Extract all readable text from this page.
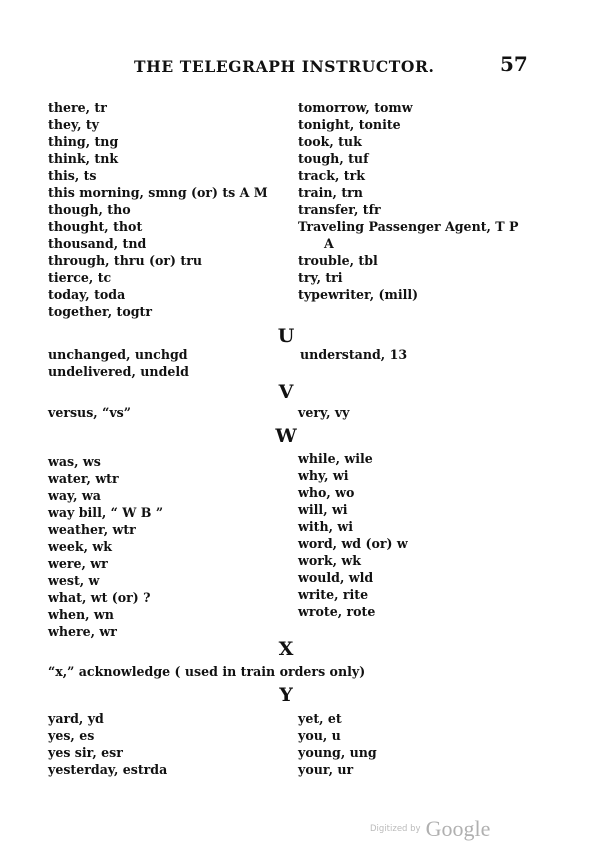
THE TELEGRAPH INSTRUCTOR.	57
there, tr
they, ty
thing, tng
think, tnk
this, ts
this morning, smng (or) ts A M
though, tho
thought, thot
thousand, tnd
through, thru (or) tru
tierce, tc
today, toda
together, togtr
tomorrow, tomw
tonight, tonite
took, tuk
tough, tuf
track, trk
train, trn
transfer, tfr
Traveling Passenger Agent, T P
A
trouble, tbl
try, tri
typewriter, (mill)
U
unchanged, unchgd
undelivered, undeld
understand, 13
V
versus, “vs”	very, vy
W
was, ws
water, wtr
way, wa
way bill, “ W B ”
weather, wtr
week, wk
were, wr
west, w
what, wt (or) ?
when, wn
where, wr
while, wile
why, wi
who, wo
will, wi
with, wi
word, wd (or) w
work, wk
would, wld
write, rite
wrote, rote
X
“x,” acknowledge ( used in train orders only)
Y
yard, yd
yes, es
yes sir, esr
yesterday, estrda
yet, et
you, u
young, ung
your, ur
Digitized by Google
